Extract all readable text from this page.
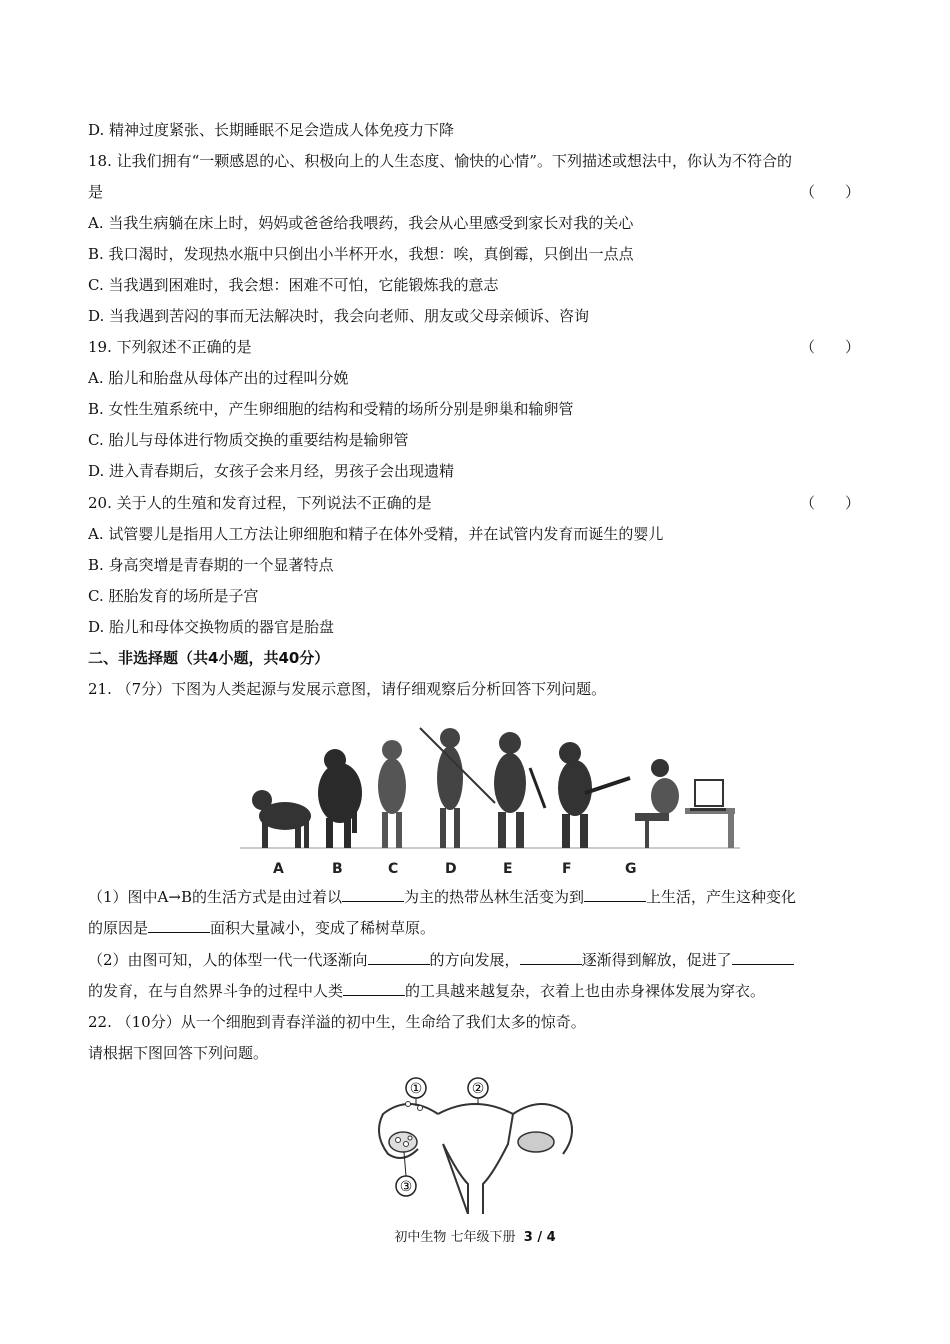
D. 精神过度紧张、长期睡眠不足会造成人体免疫力下降
18. 让我们拥有“一颗感恩的心、积极向上的人生态度、愉快的心情”。下列描述或想法中，你认为不符合的
是	（　　）
A. 当我生病躺在床上时，妈妈或爸爸给我喂药，我会从心里感受到家长对我的关心
B. 我口渴时，发现热水瓶中只倒出小半杯开水，我想：唉，真倒霉，只倒出一点点
C. 当我遇到困难时，我会想：困难不可怕，它能锻炼我的意志
D. 当我遇到苦闷的事而无法解决时，我会向老师、朋友或父母亲倾诉、咨询
19. 下列叙述不正确的是	（　　）
A. 胎儿和胎盘从母体产出的过程叫分娩
B. 女性生殖系统中，产生卵细胞的结构和受精的场所分别是卵巢和输卵管
C. 胎儿与母体进行物质交换的重要结构是输卵管
D. 进入青春期后，女孩子会来月经，男孩子会出现遗精
20. 关于人的生殖和发育过程，下列说法不正确的是	（　　）
A. 试管婴儿是指用人工方法让卵细胞和精子在体外受精，并在试管内发育而诞生的婴儿
B. 身高突增是青春期的一个显著特点
C. 胚胎发育的场所是子宫
D. 胎儿和母体交换物质的器官是胎盘
二、非选择题（共4小题，共40分）
21. （7分）下图为人类起源与发展示意图，请仔细观察后分析回答下列问题。
A	B	C	D	E	F	G
（1）图中A→B的生活方式是由过着以	为主的热带丛林生活变为到	上生活，产生这种变化
的原因是	面积大量减小，变成了稀树草原。
（2）由图可知，人的体型一代一代逐渐向	的方向发展，	逐渐得到解放，促进了
的发育，在与自然界斗争的过程中人类	的工具越来越复杂，衣着上也由赤身裸体发展为穿衣。
22. （10分）从一个细胞到青春洋溢的初中生，生命给了我们太多的惊奇。
请根据下图回答下列问题。
①	②
③
初中生物 七年级下册 3 / 4
